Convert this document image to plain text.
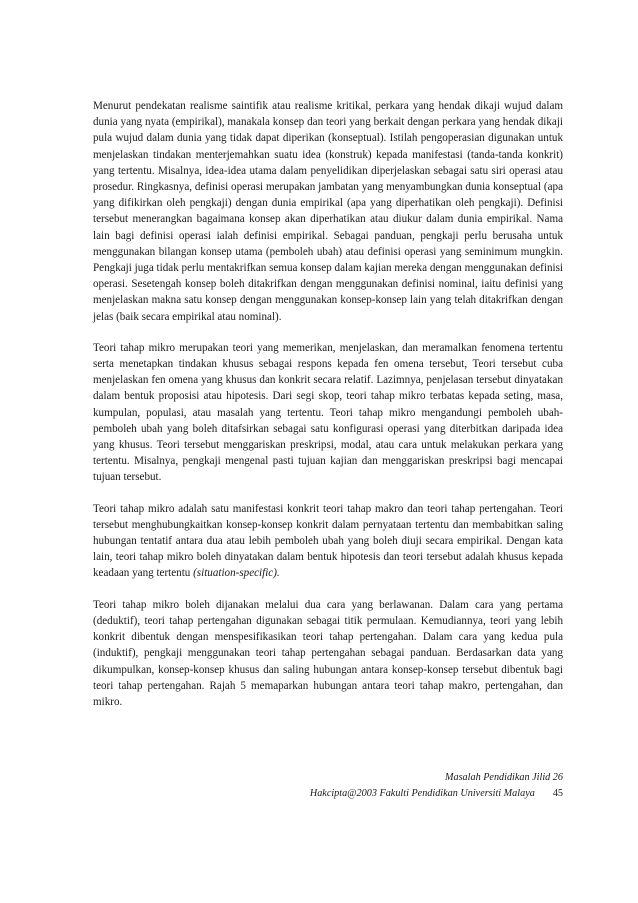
Menurut pendekatan realisme saintifik atau realisme kritikal, perkara yang hendak dikaji wujud dalam dunia yang nyata (empirikal), manakala konsep dan teori yang berkait dengan perkara yang hendak dikaji pula wujud dalam dunia yang tidak dapat diperikan (konseptual). Istilah pengoperasian digunakan untuk menjelaskan tindakan menterjemahkan suatu idea (konstruk) kepada manifestasi (tanda-tanda konkrit) yang tertentu. Misalnya, idea-idea utama dalam penyelidikan diperjelaskan sebagai satu siri operasi atau prosedur. Ringkasnya, definisi operasi merupakan jambatan yang menyambungkan dunia konseptual (apa yang difikirkan oleh pengkaji) dengan dunia empirikal (apa yang diperhatikan oleh pengkaji). Definisi tersebut menerangkan bagaimana konsep akan diperhatikan atau diukur dalam dunia empirikal. Nama lain bagi definisi operasi ialah definisi empirikal. Sebagai panduan, pengkaji perlu berusaha untuk menggunakan bilangan konsep utama (pemboleh ubah) atau definisi operasi yang seminimum mungkin. Pengkaji juga tidak perlu mentakrifkan semua konsep dalam kajian mereka dengan menggunakan definisi operasi. Sesetengah konsep boleh ditakrifkan dengan menggunakan definisi nominal, iaitu definisi yang menjelaskan makna satu konsep dengan menggunakan konsep-konsep lain yang telah ditakrifkan dengan jelas (baik secara empirikal atau nominal).

Teori tahap mikro merupakan teori yang memerikan, menjelaskan, dan meramalkan fenomena tertentu serta menetapkan tindakan khusus sebagai respons kepada fen omena tersebut, Teori tersebut cuba menjelaskan fen omena yang khusus dan konkrit secara relatif. Lazimnya, penjelasan tersebut dinyatakan dalam bentuk proposisi atau hipotesis. Dari segi skop, teori tahap mikro terbatas kepada seting, masa, kumpulan, populasi, atau masalah yang tertentu. Teori tahap mikro mengandungi pemboleh ubah-pemboleh ubah yang boleh ditafsirkan sebagai satu konfigurasi operasi yang diterbitkan daripada idea yang khusus. Teori tersebut menggariskan preskripsi, modal, atau cara untuk melakukan perkara yang tertentu. Misalnya, pengkaji mengenal pasti tujuan kajian dan menggariskan preskripsi bagi mencapai tujuan tersebut.

Teori tahap mikro adalah satu manifestasi konkrit teori tahap makro dan teori tahap pertengahan. Teori tersebut menghubungkaitkan konsep-konsep konkrit dalam pernyataan tertentu dan membabitkan saling hubungan tentatif antara dua atau lebih pemboleh ubah yang boleh diuji secara empirikal. Dengan kata lain, teori tahap mikro boleh dinyatakan dalam bentuk hipotesis dan teori tersebut adalah khusus kepada keadaan yang tertentu (situation-specific).

Teori tahap mikro boleh dijanakan melalui dua cara yang berlawanan. Dalam cara yang pertama (deduktif), teori tahap pertengahan digunakan sebagai titik permulaan. Kemudiannya, teori yang lebih konkrit dibentuk dengan menspesifikasikan teori tahap pertengahan. Dalam cara yang kedua pula (induktif), pengkaji menggunakan teori tahap pertengahan sebagai panduan. Berdasarkan data yang dikumpulkan, konsep-konsep khusus dan saling hubungan antara konsep-konsep tersebut dibentuk bagi teori tahap pertengahan. Rajah 5 memaparkan hubungan antara teori tahap makro, pertengahan, dan mikro.

Masalah Pendidikan Jilid 26
Hakcipta@2003 Fakulti Pendidikan Universiti Malaya 45
